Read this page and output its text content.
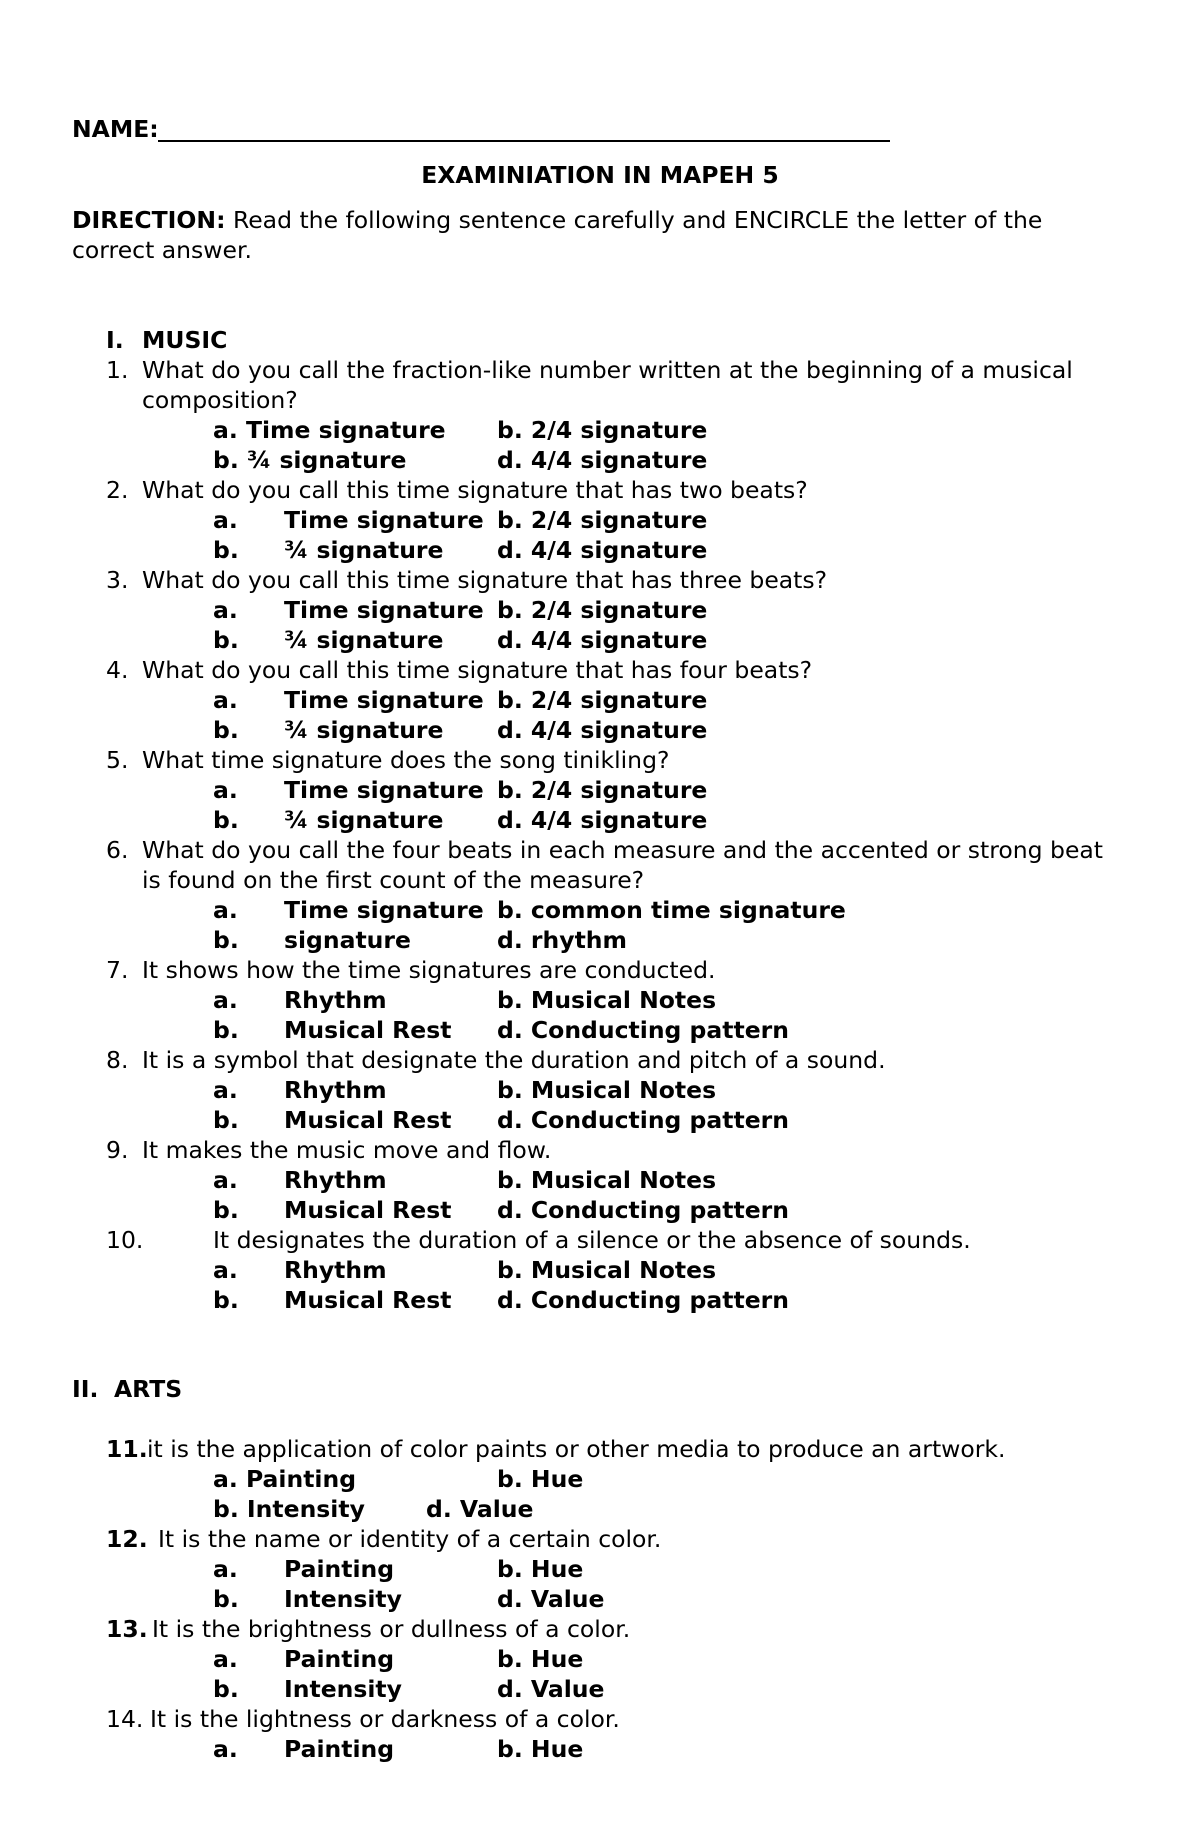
NAME:
EXAMINIATION IN MAPEH 5
DIRECTION: Read the following sentence carefully and ENCIRCLE the letter of the
correct answer.
I. MUSIC
1. What do you call the fraction-like number written at the beginning of a musical
composition?
a. Time signature b. 2/4 signature
b. ¾ signature	d. 4/4 signature
2. What do you call this time signature that has two beats?
a. Time signature b. 2/4 signature
b. ¾ signature d. 4/4 signature
3. What do you call this time signature that has three beats?
a. Time signature b. 2/4 signature
b. ¾ signature d. 4/4 signature
4. What do you call this time signature that has four beats?
a. Time signature b. 2/4 signature
b. ¾ signature d. 4/4 signature
5. What time signature does the song tinikling?
a. Time signature b. 2/4 signature
b. ¾ signature d. 4/4 signature
6. What do you call the four beats in each measure and the accented or strong beat
is found on the first count of the measure?
a. Time signature b. common time signature
b. signature	d. rhythm
7. It shows how the time signatures are conducted.
a. Rhythm	b. Musical Notes
b. Musical Rest d. Conducting pattern
8. It is a symbol that designate the duration and pitch of a sound.
a. Rhythm	b. Musical Notes
b. Musical Rest d. Conducting pattern
9. It makes the music move and flow.
a. Rhythm	b. Musical Notes
b. Musical Rest d. Conducting pattern
10.	It designates the duration of a silence or the absence of sounds.
a. Rhythm	b. Musical Notes
b. Musical Rest d. Conducting pattern
II. ARTS
11. it is the application of color paints or other media to produce an artwork.
a. Painting	b. Hue
b. Intensity	d. Value
12. It is the name or identity of a certain color.
a. Painting	b. Hue
b. Intensity	d. Value
13. It is the brightness or dullness of a color.
a. Painting	b. Hue
b. Intensity	d. Value
14. It is the lightness or darkness of a color.
a. Painting	b. Hue
